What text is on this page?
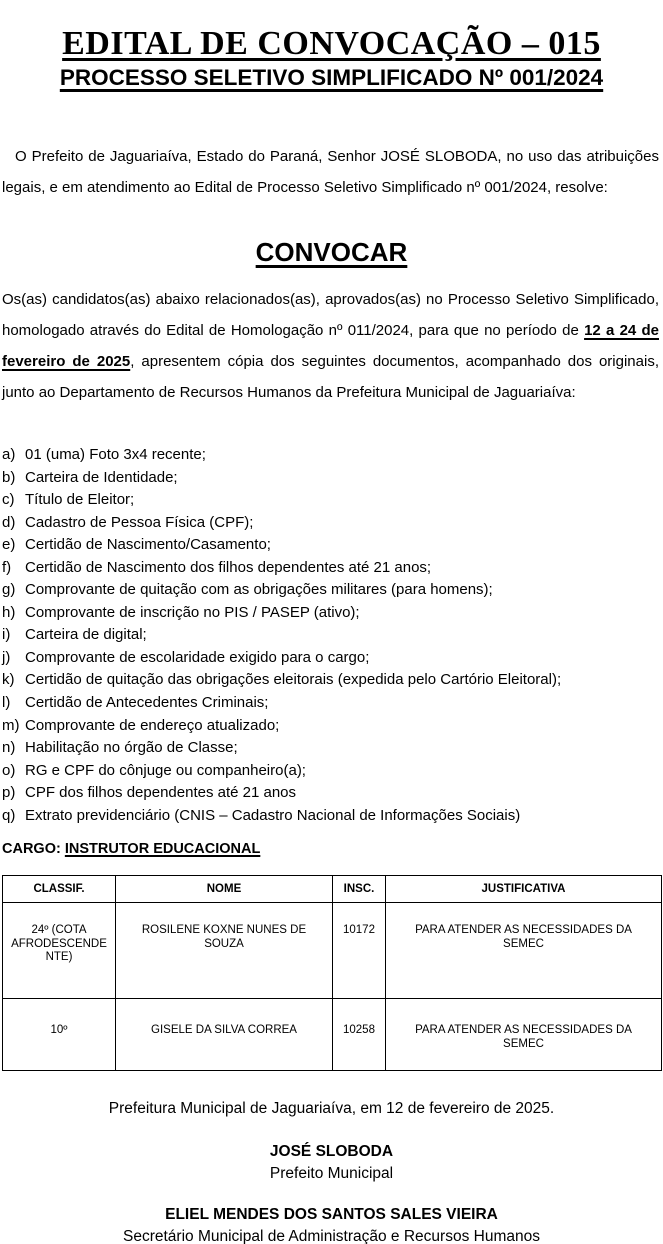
EDITAL DE CONVOCAÇÃO – 015
PROCESSO SELETIVO SIMPLIFICADO Nº 001/2024

O Prefeito de Jaguariaíva, Estado do Paraná, Senhor JOSÉ SLOBODA, no uso das atribuições legais, e em atendimento ao Edital de Processo Seletivo Simplificado nº 001/2024, resolve:

CONVOCAR

Os(as) candidatos(as) abaixo relacionados(as), aprovados(as) no Processo Seletivo Simplificado, homologado através do Edital de Homologação nº 011/2024, para que no período de 12 a 24 de fevereiro de 2025, apresentem cópia dos seguintes documentos, acompanhado dos originais, junto ao Departamento de Recursos Humanos da Prefeitura Municipal de Jaguariaíva:

a) 01 (uma) Foto 3x4 recente;
b) Carteira de Identidade;
c) Título de Eleitor;
d) Cadastro de Pessoa Física (CPF);
e) Certidão de Nascimento/Casamento;
f) Certidão de Nascimento dos filhos dependentes até 21 anos;
g) Comprovante de quitação com as obrigações militares (para homens);
h) Comprovante de inscrição no PIS / PASEP (ativo);
i) Carteira de digital;
j) Comprovante de escolaridade exigido para o cargo;
k) Certidão de quitação das obrigações eleitorais (expedida pelo Cartório Eleitoral);
l) Certidão de Antecedentes Criminais;
m) Comprovante de endereço atualizado;
n) Habilitação no órgão de Classe;
o) RG e CPF do cônjuge ou companheiro(a);
p) CPF dos filhos dependentes até 21 anos
q) Extrato previdenciário (CNIS – Cadastro Nacional de Informações Sociais)
CARGO: INSTRUTOR EDUCACIONAL
CLASSIF.	NOME	INSC.	JUSTIFICATIVA
24º (COTA AFRODESCENDENTE)	ROSILENE KOXNE NUNES DE SOUZA	10172	PARA ATENDER AS NECESSIDADES DA SEMEC
10º	GISELE DA SILVA CORREA	10258	PARA ATENDER AS NECESSIDADES DA SEMEC
Prefeitura Municipal de Jaguariaíva, em 12 de fevereiro de 2025.
JOSÉ SLOBODA
Prefeito Municipal
ELIEL MENDES DOS SANTOS SALES VIEIRA
Secretário Municipal de Administração e Recursos Humanos
